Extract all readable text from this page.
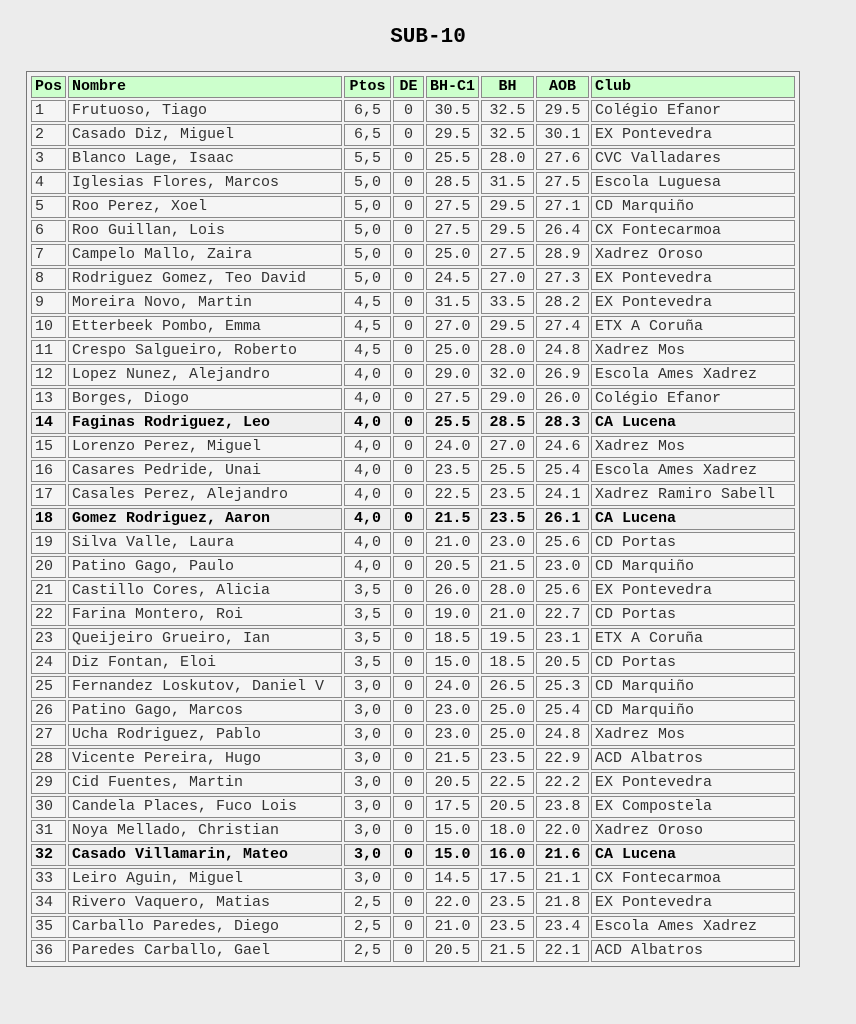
SUB-10
Pos	Nombre	Ptos	DE	BH-C1	BH	AOB	Club
1	Frutuoso, Tiago	6,5	0	30.5	32.5	29.5	Colégio Efanor
2	Casado Diz, Miguel	6,5	0	29.5	32.5	30.1	EX Pontevedra
3	Blanco Lage, Isaac	5,5	0	25.5	28.0	27.6	CVC Valladares
4	Iglesias Flores, Marcos	5,0	0	28.5	31.5	27.5	Escola Luguesa
5	Roo Perez, Xoel	5,0	0	27.5	29.5	27.1	CD Marquiño
6	Roo Guillan, Lois	5,0	0	27.5	29.5	26.4	CX Fontecarmoa
7	Campelo Mallo, Zaira	5,0	0	25.0	27.5	28.9	Xadrez Oroso
8	Rodriguez Gomez, Teo David	5,0	0	24.5	27.0	27.3	EX Pontevedra
9	Moreira Novo, Martin	4,5	0	31.5	33.5	28.2	EX Pontevedra
10	Etterbeek Pombo, Emma	4,5	0	27.0	29.5	27.4	ETX A Coruña
11	Crespo Salgueiro, Roberto	4,5	0	25.0	28.0	24.8	Xadrez Mos
12	Lopez Nunez, Alejandro	4,0	0	29.0	32.0	26.9	Escola Ames Xadrez
13	Borges, Diogo	4,0	0	27.5	29.0	26.0	Colégio Efanor
14	Faginas Rodriguez, Leo	4,0	0	25.5	28.5	28.3	CA Lucena
15	Lorenzo Perez, Miguel	4,0	0	24.0	27.0	24.6	Xadrez Mos
16	Casares Pedride, Unai	4,0	0	23.5	25.5	25.4	Escola Ames Xadrez
17	Casales Perez, Alejandro	4,0	0	22.5	23.5	24.1	Xadrez Ramiro Sabell
18	Gomez Rodriguez, Aaron	4,0	0	21.5	23.5	26.1	CA Lucena
19	Silva Valle, Laura	4,0	0	21.0	23.0	25.6	CD Portas
20	Patino Gago, Paulo	4,0	0	20.5	21.5	23.0	CD Marquiño
21	Castillo Cores, Alicia	3,5	0	26.0	28.0	25.6	EX Pontevedra
22	Farina Montero, Roi	3,5	0	19.0	21.0	22.7	CD Portas
23	Queijeiro Grueiro, Ian	3,5	0	18.5	19.5	23.1	ETX A Coruña
24	Diz Fontan, Eloi	3,5	0	15.0	18.5	20.5	CD Portas
25	Fernandez Loskutov, Daniel V	3,0	0	24.0	26.5	25.3	CD Marquiño
26	Patino Gago, Marcos	3,0	0	23.0	25.0	25.4	CD Marquiño
27	Ucha Rodriguez, Pablo	3,0	0	23.0	25.0	24.8	Xadrez Mos
28	Vicente Pereira, Hugo	3,0	0	21.5	23.5	22.9	ACD Albatros
29	Cid Fuentes, Martin	3,0	0	20.5	22.5	22.2	EX Pontevedra
30	Candela Places, Fuco Lois	3,0	0	17.5	20.5	23.8	EX Compostela
31	Noya Mellado, Christian	3,0	0	15.0	18.0	22.0	Xadrez Oroso
32	Casado Villamarin, Mateo	3,0	0	15.0	16.0	21.6	CA Lucena
33	Leiro Aguin, Miguel	3,0	0	14.5	17.5	21.1	CX Fontecarmoa
34	Rivero Vaquero, Matias	2,5	0	22.0	23.5	21.8	EX Pontevedra
35	Carballo Paredes, Diego	2,5	0	21.0	23.5	23.4	Escola Ames Xadrez
36	Paredes Carballo, Gael	2,5	0	20.5	21.5	22.1	ACD Albatros
